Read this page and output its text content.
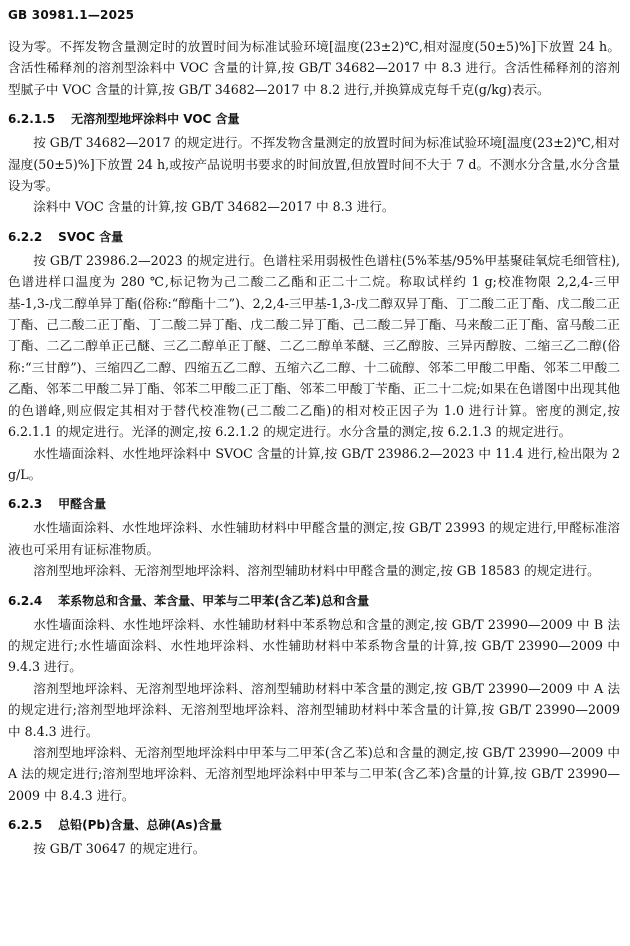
GB 30981.1—2025

设为零。不挥发物含量测定时的放置时间为标准试验环境[温度(23±2)℃,相对湿度(50±5)%]下放置 24 h。含活性稀释剂的溶剂型涂料中 VOC 含量的计算,按 GB/T 34682—2017 中 8.3 进行。含活性稀释剂的溶剂型腻子中 VOC 含量的计算,按 GB/T 34682—2017 中 8.2 进行,并换算成克每千克(g/kg)表示。

6.2.1.5 无溶剂型地坪涂料中 VOC 含量

按 GB/T 34682—2017 的规定进行。不挥发物含量测定的放置时间为标准试验环境[温度(23±2)℃,相对湿度(50±5)%]下放置 24 h,或按产品说明书要求的时间放置,但放置时间不大于 7 d。不测水分含量,水分含量设为零。

涂料中 VOC 含量的计算,按 GB/T 34682—2017 中 8.3 进行。

6.2.2 SVOC 含量

按 GB/T 23986.2—2023 的规定进行。色谱柱采用弱极性色谱柱(5%苯基/95%甲基聚硅氧烷毛细管柱),色谱进样口温度为 280 ℃,标记物为己二酸二乙酯和正二十二烷。称取试样约 1 g;校准物限 2,2,4-三甲基-1,3-戊二醇单异丁酯(俗称:“醇酯十二”)、2,2,4-三甲基-1,3-戊二醇双异丁酯、丁二酸二正丁酯、戊二酸二正丁酯、己二酸二正丁酯、丁二酸二异丁酯、戊二酸二异丁酯、己二酸二异丁酯、马来酸二正丁酯、富马酸二正丁酯、二乙二醇单正己醚、三乙二醇单正丁醚、二乙二醇单苯醚、三乙醇胺、三异丙醇胺、二缩三乙二醇(俗称:“三甘醇”)、三缩四乙二醇、四缩五乙二醇、五缩六乙二醇、十二硫醇、邻苯二甲酸二甲酯、邻苯二甲酸二乙酯、邻苯二甲酸二异丁酯、邻苯二甲酸二正丁酯、邻苯二甲酸丁苄酯、正二十二烷;如果在色谱图中出现其他的色谱峰,则应假定其相对于替代校准物(己二酸二乙酯)的相对校正因子为 1.0 进行计算。密度的测定,按 6.2.1.1 的规定进行。光泽的测定,按 6.2.1.2 的规定进行。水分含量的测定,按 6.2.1.3 的规定进行。

水性墙面涂料、水性地坪涂料中 SVOC 含量的计算,按 GB/T 23986.2—2023 中 11.4 进行,检出限为 2 g/L。

6.2.3 甲醛含量

水性墙面涂料、水性地坪涂料、水性辅助材料中甲醛含量的测定,按 GB/T 23993 的规定进行,甲醛标准溶液也可采用有证标准物质。

溶剂型地坪涂料、无溶剂型地坪涂料、溶剂型辅助材料中甲醛含量的测定,按 GB 18583 的规定进行。

6.2.4 苯系物总和含量、苯含量、甲苯与二甲苯(含乙苯)总和含量

水性墙面涂料、水性地坪涂料、水性辅助材料中苯系物总和含量的测定,按 GB/T 23990—2009 中 B 法的规定进行;水性墙面涂料、水性地坪涂料、水性辅助材料中苯系物含量的计算,按 GB/T 23990—2009 中 9.4.3 进行。

溶剂型地坪涂料、无溶剂型地坪涂料、溶剂型辅助材料中苯含量的测定,按 GB/T 23990—2009 中 A 法的规定进行;溶剂型地坪涂料、无溶剂型地坪涂料、溶剂型辅助材料中苯含量的计算,按 GB/T 23990—2009 中 8.4.3 进行。

溶剂型地坪涂料、无溶剂型地坪涂料中甲苯与二甲苯(含乙苯)总和含量的测定,按 GB/T 23990—2009 中 A 法的规定进行;溶剂型地坪涂料、无溶剂型地坪涂料中甲苯与二甲苯(含乙苯)含量的计算,按 GB/T 23990—2009 中 8.4.3 进行。

6.2.5 总铅(Pb)含量、总砷(As)含量

按 GB/T 30647 的规定进行。
